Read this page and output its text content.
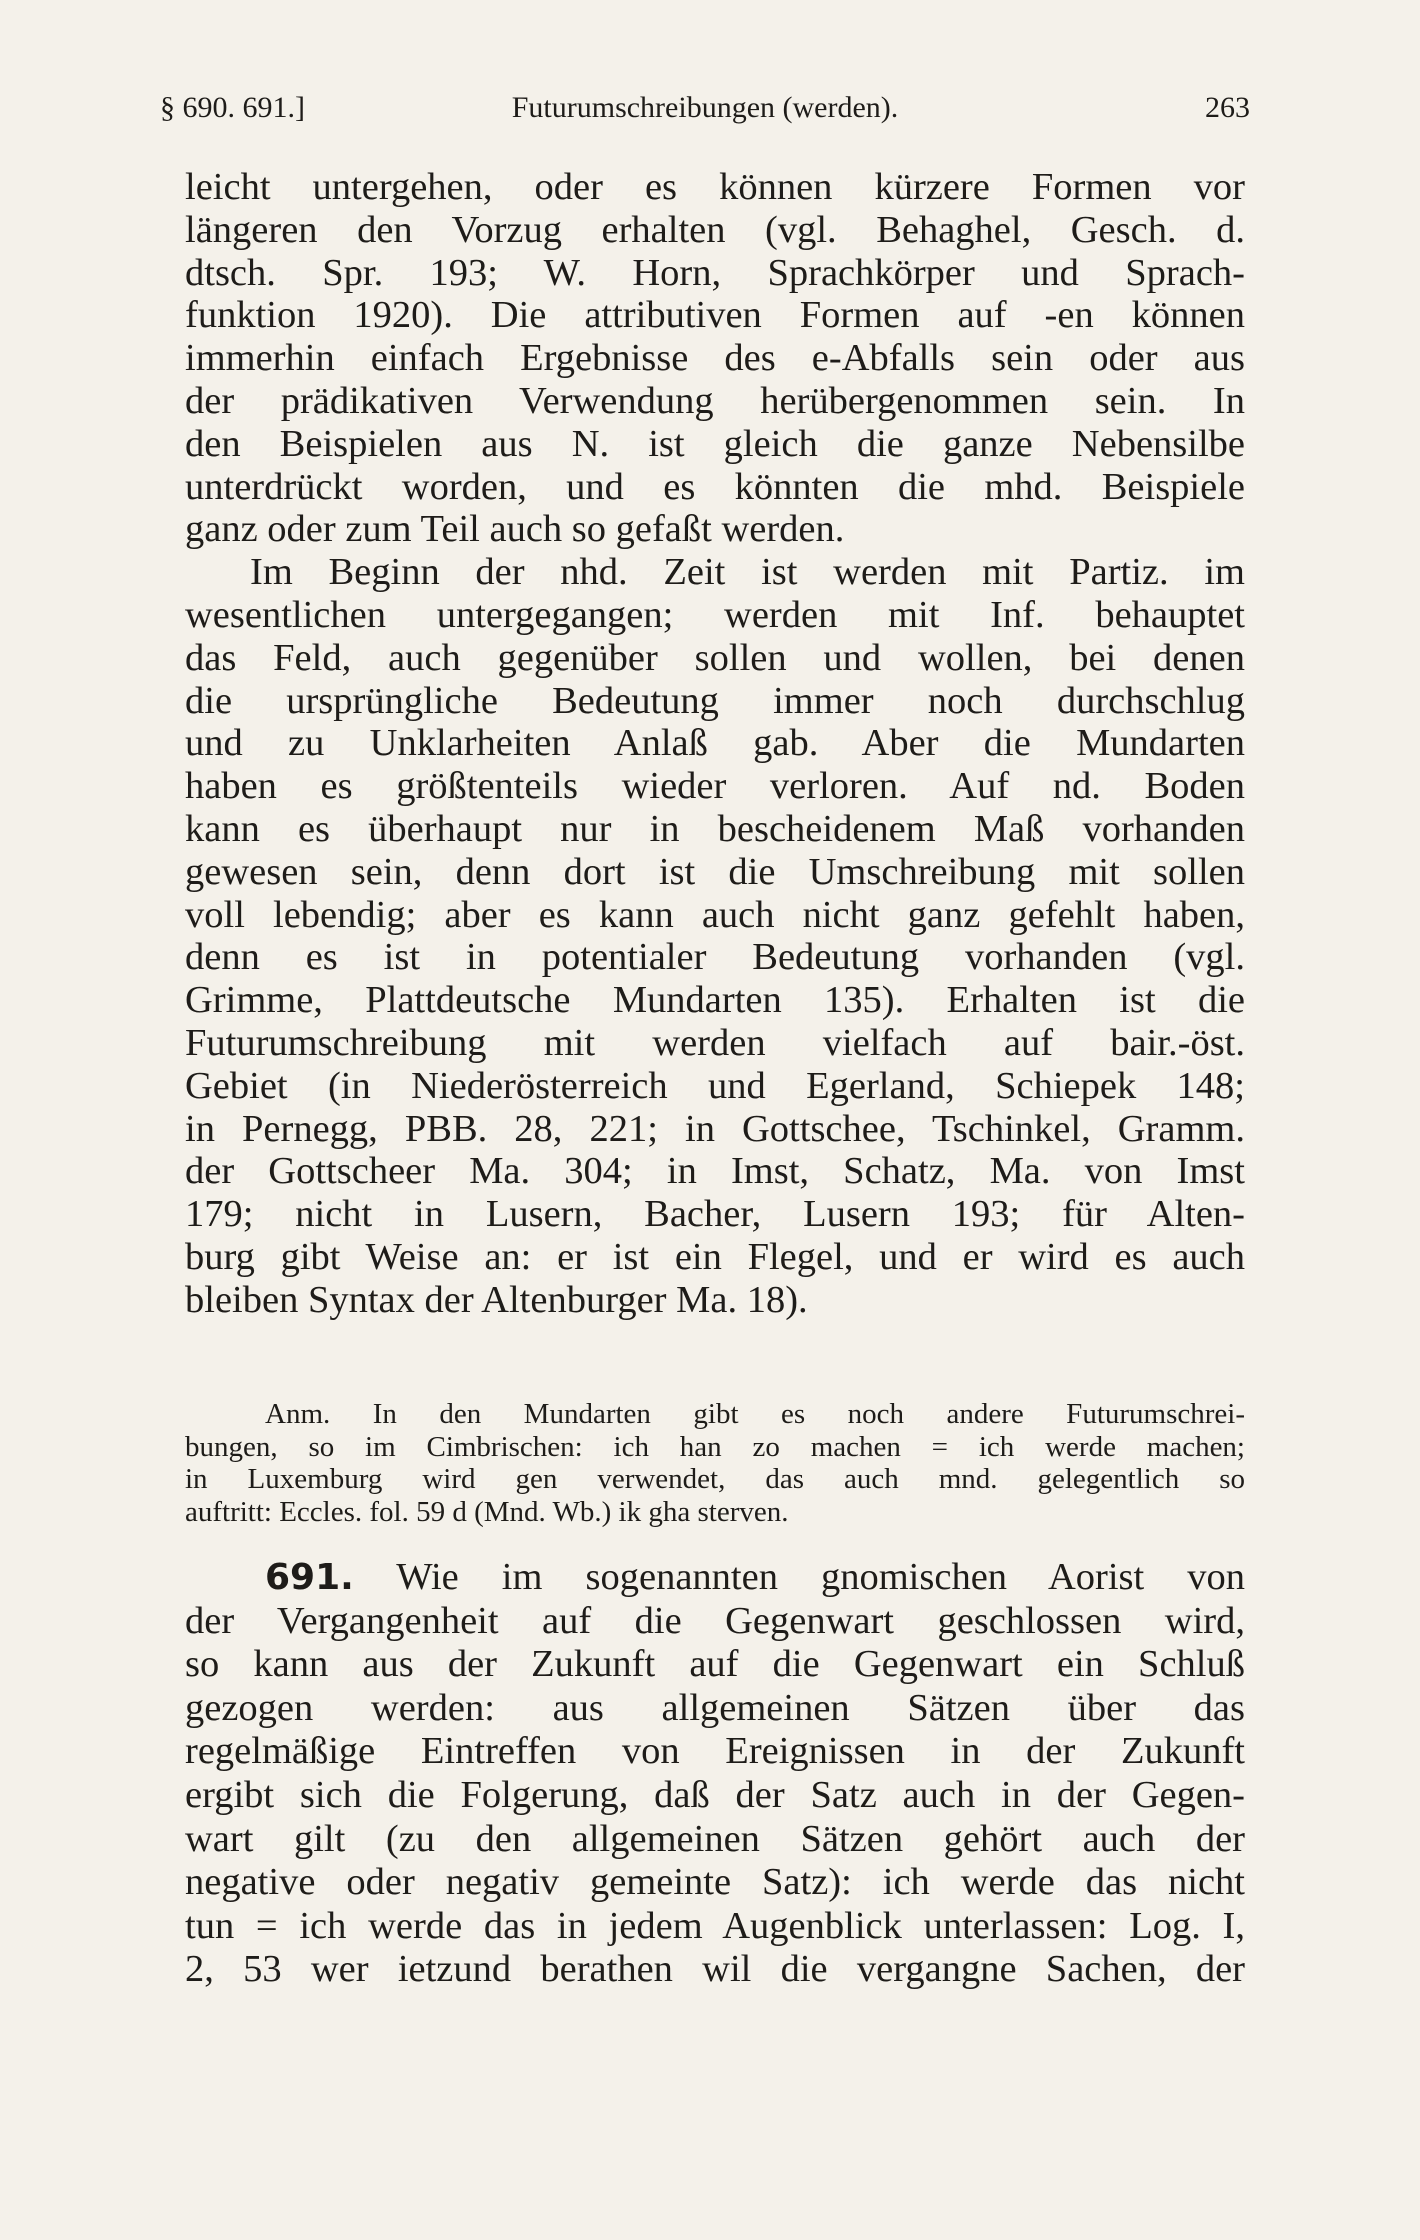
§ 690. 691.]	Futurumschreibungen (werden).	263
leicht untergehen, oder es können kürzere Formen vor
längeren den Vorzug erhalten (vgl. Behaghel, Gesch. d.
dtsch. Spr. 193; W. Horn, Sprachkörper und Sprach-
funktion 1920). Die attributiven Formen auf -en können
immerhin einfach Ergebnisse des e-Abfalls sein oder aus
der prädikativen Verwendung herübergenommen sein. In
den Beispielen aus N. ist gleich die ganze Nebensilbe
unterdrückt worden, und es könnten die mhd. Beispiele
ganz oder zum Teil auch so gefaßt werden.
Im Beginn der nhd. Zeit ist werden mit Partiz. im
wesentlichen untergegangen; werden mit Inf. behauptet
das Feld, auch gegenüber sollen und wollen, bei denen
die ursprüngliche Bedeutung immer noch durchschlug
und zu Unklarheiten Anlaß gab. Aber die Mundarten
haben es größtenteils wieder verloren. Auf nd. Boden
kann es überhaupt nur in bescheidenem Maß vorhanden
gewesen sein, denn dort ist die Umschreibung mit sollen
voll lebendig; aber es kann auch nicht ganz gefehlt haben,
denn es ist in potentialer Bedeutung vorhanden (vgl.
Grimme, Plattdeutsche Mundarten 135). Erhalten ist die
Futurumschreibung mit werden vielfach auf bair.-öst.
Gebiet (in Niederösterreich und Egerland, Schiepek 148;
in Pernegg, PBB. 28, 221; in Gottschee, Tschinkel, Gramm.
der Gottscheer Ma. 304; in Imst, Schatz, Ma. von Imst
179; nicht in Lusern, Bacher, Lusern 193; für Alten-
burg gibt Weise an: er ist ein Flegel, und er wird es auch
bleiben Syntax der Altenburger Ma. 18).
Anm. In den Mundarten gibt es noch andere Futurumschrei-
bungen, so im Cimbrischen: ich han zo machen = ich werde machen;
in Luxemburg wird gen verwendet, das auch mnd. gelegentlich so
auftritt: Eccles. fol. 59 d (Mnd. Wb.) ik gha sterven.
691. Wie im sogenannten gnomischen Aorist von
der Vergangenheit auf die Gegenwart geschlossen wird,
so kann aus der Zukunft auf die Gegenwart ein Schluß
gezogen werden: aus allgemeinen Sätzen über das
regelmäßige Eintreffen von Ereignissen in der Zukunft
ergibt sich die Folgerung, daß der Satz auch in der Gegen-
wart gilt (zu den allgemeinen Sätzen gehört auch der
negative oder negativ gemeinte Satz): ich werde das nicht
tun = ich werde das in jedem Augenblick unterlassen: Log. I,
2, 53 wer ietzund berathen wil die vergangne Sachen, der
